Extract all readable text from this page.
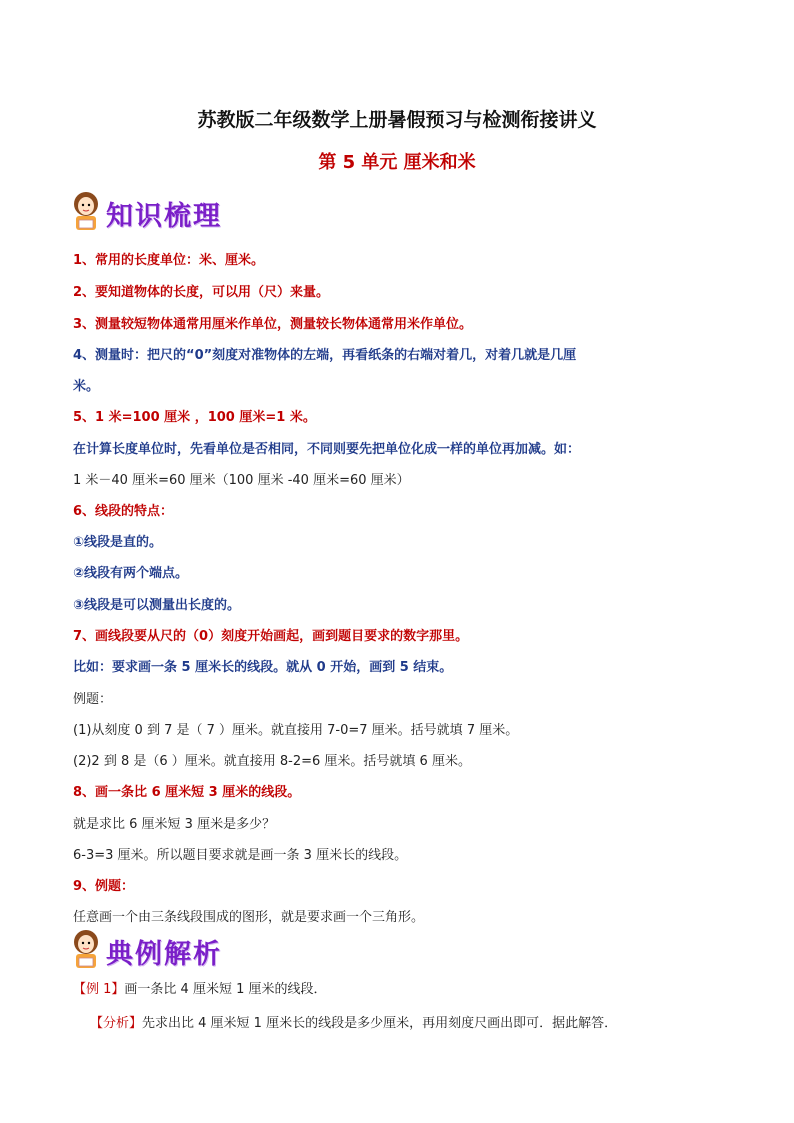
苏教版二年级数学上册暑假预习与检测衔接讲义
第 5 单元 厘米和米
知识梳理
1、常用的长度单位：米、厘米。
2、要知道物体的长度，可以用（尺）来量。
3、测量较短物体通常用厘米作单位，测量较长物体通常用米作单位。
4、测量时：把尺的“0”刻度对准物体的左端，再看纸条的右端对着几，对着几就是几厘
米。
5、1 米=100 厘米 ，100 厘米=1 米。
在计算长度单位时，先看单位是否相同，不同则要先把单位化成一样的单位再加减。如：
1 米－40 厘米=60 厘米（100 厘米 -40 厘米=60 厘米）
6、线段的特点：
①线段是直的。
②线段有两个端点。
③线段是可以测量出长度的。
7、画线段要从尺的（0）刻度开始画起，画到题目要求的数字那里。
比如：要求画一条 5 厘米长的线段。就从 0 开始，画到 5 结束。
例题：
(1)从刻度 0 到 7 是（ 7 ）厘米。就直接用 7-0=7 厘米。括号就填 7 厘米。
(2)2 到 8 是（6 ）厘米。就直接用 8-2=6 厘米。括号就填 6 厘米。
8、画一条比 6 厘米短 3 厘米的线段。
就是求比 6 厘米短 3 厘米是多少？
6-3=3 厘米。所以题目要求就是画一条 3 厘米长的线段。
9、例题：
任意画一个由三条线段围成的图形，就是要求画一个三角形。
典例解析
【例 1】画一条比 4 厘米短 1 厘米的线段．
【分析】先求出比 4 厘米短 1 厘米长的线段是多少厘米，再用刻度尺画出即可．据此解答．
